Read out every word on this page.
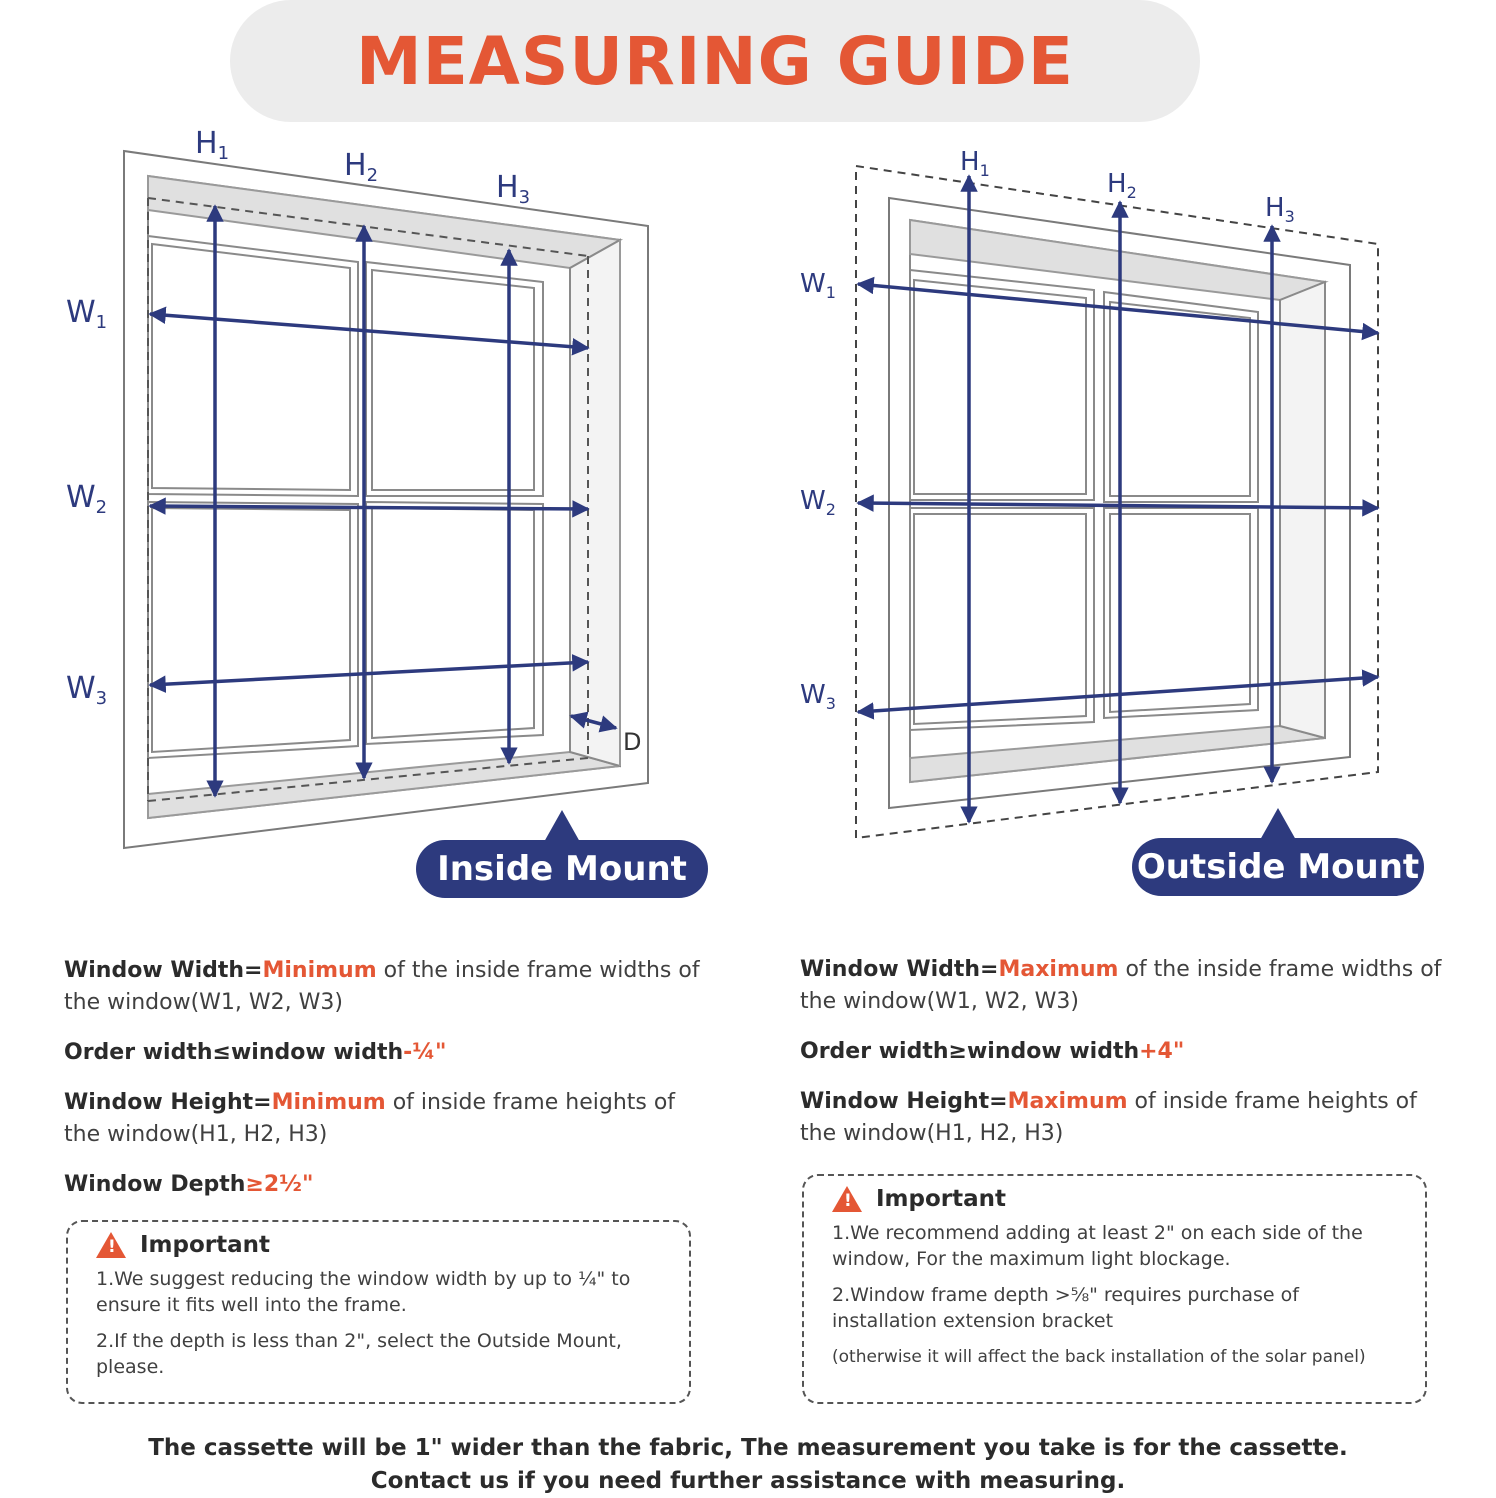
MEASURING GUIDE
$H_1$	$H_2$	$H_3$
$W_1$
$W_2$
$W_3$
D
$H_1$	$H_2$
$H_3$
$W_1$
$W_2$
$W_3$
Inside Mount	Outside Mount

Window Width=Minimum of the inside frame widths of the window(W1, W2, W3)

Order width≤window width-¼"

Window Height=Minimum of inside frame heights of the window(H1, H2, H3)

Window Depth≥2½"

! Important
1.We suggest reducing the window width by up to ¼" to ensure it fits well into the frame.
2.If the depth is less than 2", select the Outside Mount, please.

Window Width=Maximum of the inside frame widths of the window(W1, W2, W3)

Order width≥window width+4"

Window Height=Maximum of inside frame heights of the window(H1, H2, H3)

! Important
1.We recommend adding at least 2" on each side of the window, For the maximum light blockage.
2.Window frame depth >⅝" requires purchase of installation extension bracket
(otherwise it will affect the back installation of the solar panel)
The cassette will be 1" wider than the fabric, The measurement you take is for the cassette.
Contact us if you need further assistance with measuring.
